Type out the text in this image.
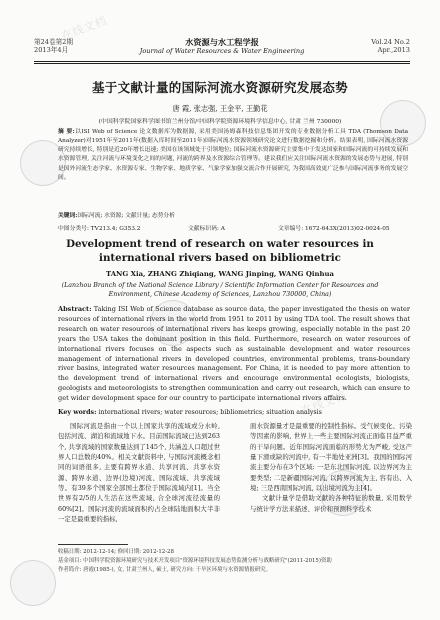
在线文档
在线文档
第24卷第2期
2013年4月
水资源与水工程学报
Journal of Water Resources & Water Engineering
Vol.24 No.2
Apr.,2013
基于文献计量的国际河流水资源研究发展态势
唐 霞, 张志强, 王金平, 王勤花
(中国科学院国家科学图书馆兰州分馆/中国科学院资源环境科学信息中心, 甘肃 兰州 730000)
摘 要:以ISI Web of Science 论文数据库为数据源, 采用美国汤姆森科技信息集团开发的专业数据分析工具 TDA (Thomson Data Analyzer)对1951年至2011年(数据入库时间至2011年)国际河流水资源领域研究论文进行数据挖掘和分析。结果表明, 国际河流水资源研究持续增长, 特别是近20年增长迅速; 美国在该领域处于引领地位; 国际河流水资源研究主要集中于发达国家和国际河流的可持续发展和水资源管理, 关注河流与环境变化之间的问题, 河流的跨界及水资源综合管理等。建议我们应关注国际河流水资源的发展态势与进展, 特别是国外河流生态学家、水资源专家、生物学家、地质学家、气象学家加强交流合作开展研究, 为我国高效更广泛参与国际河流事务的发展空间。
关键词:国际河流; 水资源; 文献计量; 态势分析
中图分类号: TV213.4; G353.2	文献标识码: A	文章编号: 1672-643X(2013)02-0024-05
Development trend of research on water resources in international rivers based on bibliometric
TANG Xia, ZHANG Zhiqiang, WANG Jinping, WANG Qinhua
(Lanzhou Branch of the National Science Library / Scientific Information Center for Resources and Environment, Chinese Academy of Sciences, Lanzhou 730000, China)
Abstract: Taking ISI Web of Science database as source data, the paper investigated the thesis on water resources of international rivers in the world from 1951 to 2011 by using TDA tool. The result shows that research on water resources of international rivers has keeps growing, especially notable in the past 20 years the USA takes the dominant position in this field. Furthermore, research on water resources of international rivers focuses on the aspects such as sustainable development and water resources management of international rivers in developed countries, environmental problems, trans-boundary river basins, integrated water resources management. For China, it is needed to pay more attention to the development trend of international rivers and encourage environmental ecologists, biologists, geologists and meteorologists to strengthen communication and carry out research, which can ensure to get wider development space for our country to participate international rivers affairs.
Key words: international rivers; water resources; bibliometrics; situation analysis
国际河流是指由一个以上国家共享的流域或分水岭, 包括河流、湖泊和流域地下水。目前国际流域已达到263个, 共享流域的国家数量达到了145个, 共涵盖人口超过世界人口总数的40%。相关文献资料中, 与国际河流概念相同的词语很多, 主要有跨界水道、共享河流、共享水资源、跨界水道、边界(边境)河流、国际流域、共享流域等。有39多个国家全部国土都位于国际流域内[1]。当全世界有2/5的人生活在这些流域, 合全球河流径流量的60%[2]。国际河流的流域面积约占全球陆地面积大半非一定是最重要的指标,

面水资源量才是最重要的控制性指标。受气候变化、污染等因素的影响, 世界上一些主要国际河流正面临目益严重的干旱问题。近年国际河流面临的形势尤为严峻, 受这产量下滑或缺的河流中, 有一半地处亚洲[3]。我国的国际河流主要分布在3个区域: 一是东北国际河流, 以边界河为主要类型; 二是新疆国际河流, 以跨界河流为主, 容有出、入境; 三是西南国际河流, 以出境河流为主[4]。

文献计量学是借助文献的各种特征的数量, 采用数学与统计学方法来描述、评价和预测科学技术

收稿日期: 2012-12-14; 修回日期: 2012-12-28
基金项目: 中国科学院资源环境研究与技术开发项目"资源环境科技发展态势监测分析与战略研究"(2011-2015)资助
作者简介: 唐霞(1985-), 女, 甘肃兰州人, 硕士, 研究方向: 干旱区环境与水资源情报研究。
